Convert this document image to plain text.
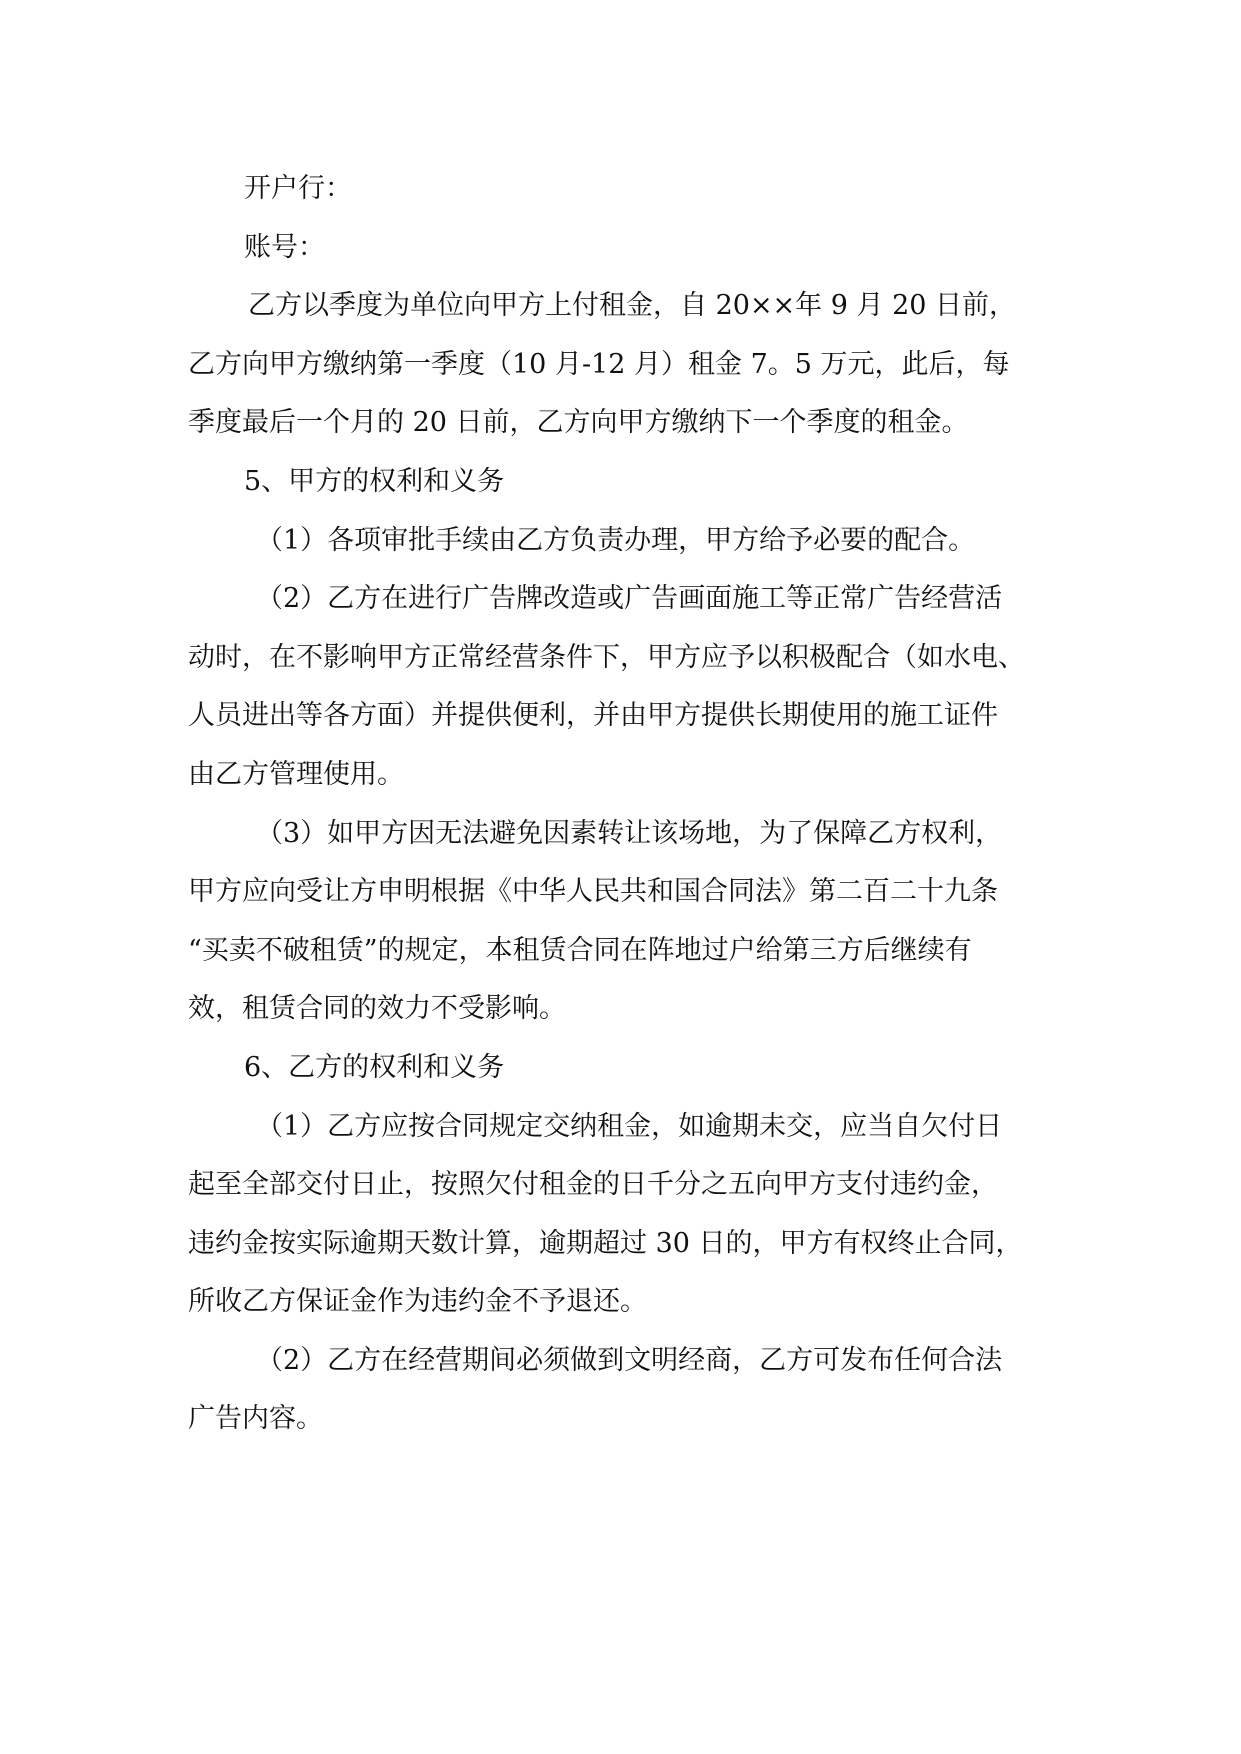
开户行：
账号：
乙方以季度为单位向甲方上付租金，自 20××年 9 月 20 日前，
乙方向甲方缴纳第一季度（10 月-12 月）租金 7。5 万元，此后，每
季度最后一个月的 20 日前，乙方向甲方缴纳下一个季度的租金。
5、甲方的权利和义务
（1）各项审批手续由乙方负责办理，甲方给予必要的配合。
（2）乙方在进行广告牌改造或广告画面施工等正常广告经营活
动时，在不影响甲方正常经营条件下，甲方应予以积极配合（如水电、
人员进出等各方面）并提供便利，并由甲方提供长期使用的施工证件
由乙方管理使用。
（3）如甲方因无法避免因素转让该场地，为了保障乙方权利，
甲方应向受让方申明根据《中华人民共和国合同法》第二百二十九条
“买卖不破租赁”的规定，本租赁合同在阵地过户给第三方后继续有
效，租赁合同的效力不受影响。
6、乙方的权利和义务
（1）乙方应按合同规定交纳租金，如逾期未交，应当自欠付日
起至全部交付日止，按照欠付租金的日千分之五向甲方支付违约金，
违约金按实际逾期天数计算，逾期超过 30 日的，甲方有权终止合同，
所收乙方保证金作为违约金不予退还。
（2）乙方在经营期间必须做到文明经商，乙方可发布任何合法
广告内容。
